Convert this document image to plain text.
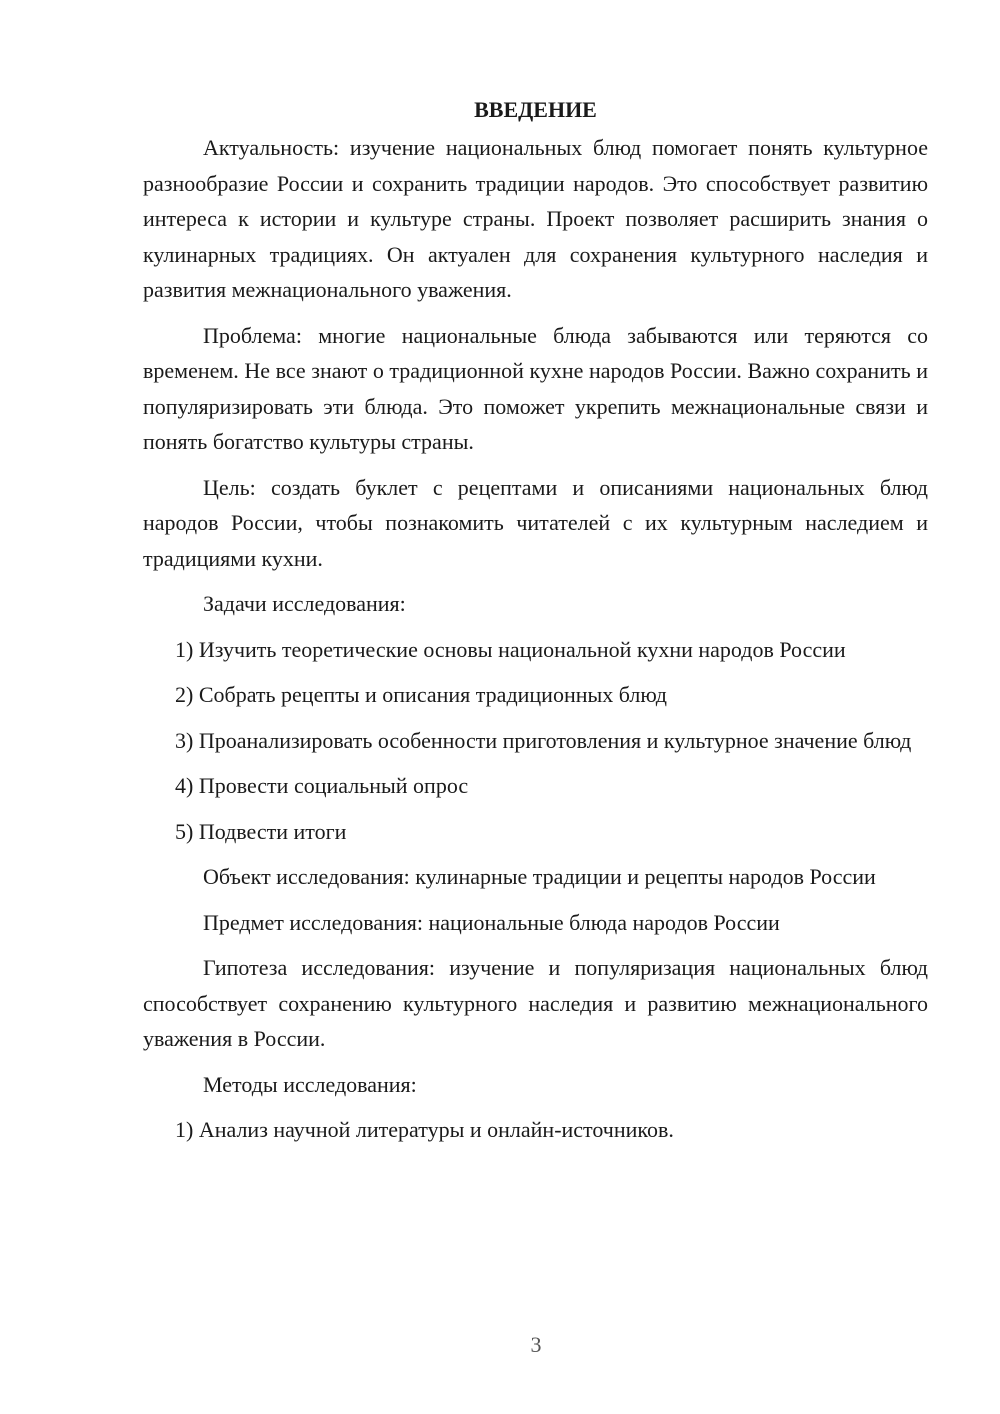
ВВЕДЕНИЕ

Актуальность: изучение национальных блюд помогает понять культурное разнообразие России и сохранить традиции народов. Это способствует развитию интереса к истории и культуре страны. Проект позволяет расширить знания о кулинарных традициях. Он актуален для сохранения культурного наследия и развития межнационального уважения.

Проблема: многие национальные блюда забываются или теряются со временем. Не все знают о традиционной кухне народов России. Важно сохранить и популяризировать эти блюда. Это поможет укрепить межнациональные связи и понять богатство культуры страны.

Цель: создать буклет с рецептами и описаниями национальных блюд народов России, чтобы познакомить читателей с их культурным наследием и традициями кухни.

Задачи исследования:

1) Изучить теоретические основы национальной кухни народов России

2) Собрать рецепты и описания традиционных блюд

3) Проанализировать особенности приготовления и культурное значение блюд

4) Провести социальный опрос

5) Подвести итоги

Объект исследования: кулинарные традиции и рецепты народов России

Предмет исследования: национальные блюда народов России

Гипотеза исследования: изучение и популяризация национальных блюд способствует сохранению культурного наследия и развитию межнационального уважения в России.

Методы исследования:

1) Анализ научной литературы и онлайн-источников.

3
